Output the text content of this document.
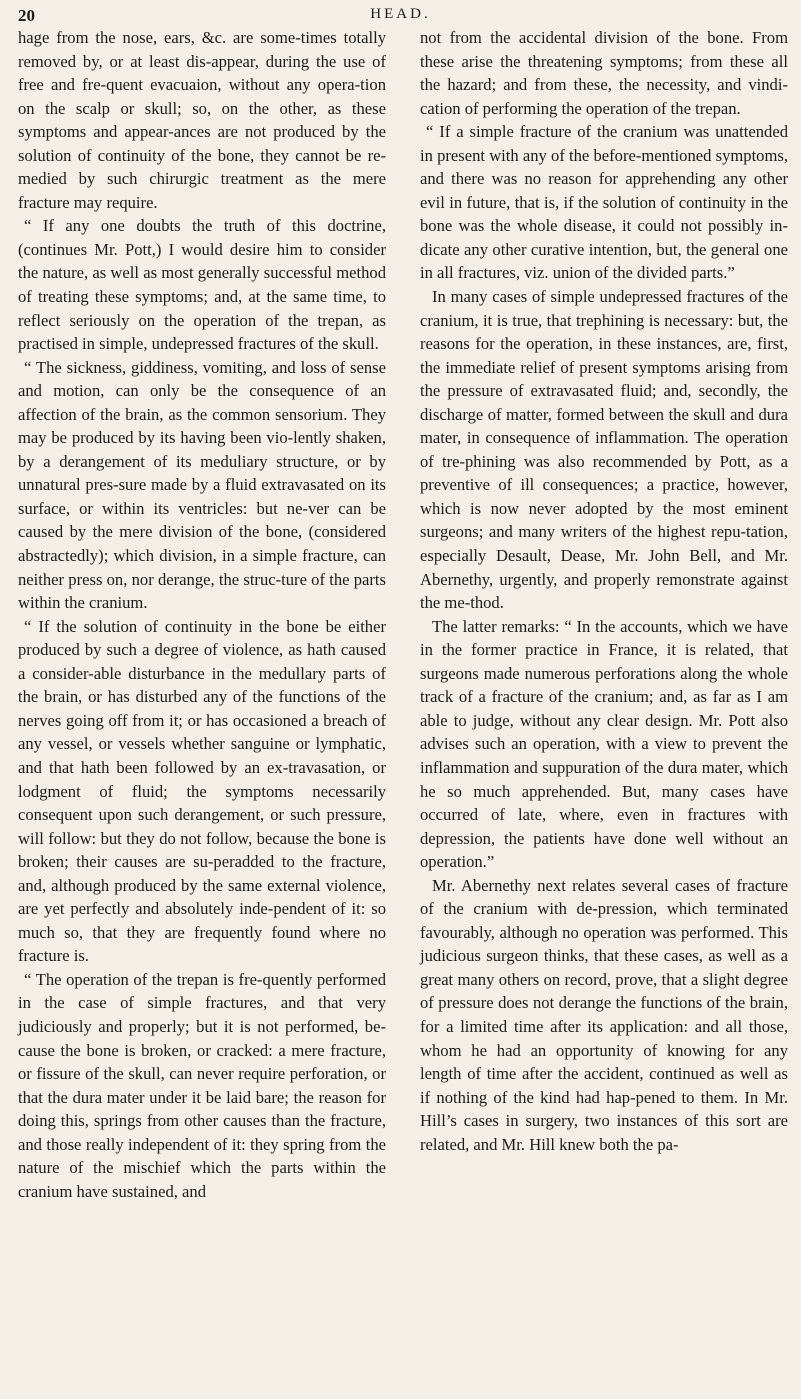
20	HEAD.

hage from the nose, ears, &c. are some-times totally removed by, or at least dis-appear, during the use of free and fre-quent evacuaion, without any opera-tion on the scalp or skull; so, on the other, as these symptoms and appear-ances are not produced by the solution of continuity of the bone, they cannot be re-medied by such chirurgic treatment as the mere fracture may require.

“ If any one doubts the truth of this doctrine, (continues Mr. Pott,) I would desire him to consider the nature, as well as most generally successful method of treating these symptoms; and, at the same time, to reflect seriously on the operation of the trepan, as practised in simple, undepressed fractures of the skull.

“ The sickness, giddiness, vomiting, and loss of sense and motion, can only be the consequence of an affection of the brain, as the common sensorium. They may be produced by its having been vio-lently shaken, by a derangement of its meduliary structure, or by unnatural pres-sure made by a fluid extravasated on its surface, or within its ventricles: but ne-ver can be caused by the mere division of the bone, (considered abstractedly); which division, in a simple fracture, can neither press on, nor derange, the struc-ture of the parts within the cranium.

“ If the solution of continuity in the bone be either produced by such a degree of violence, as hath caused a consider-able disturbance in the medullary parts of the brain, or has disturbed any of the functions of the nerves going off from it; or has occasioned a breach of any vessel, or vessels whether sanguine or lymphatic, and that hath been followed by an ex-travasation, or lodgment of fluid; the symptoms necessarily consequent upon such derangement, or such pressure, will follow: but they do not follow, because the bone is broken; their causes are su-peradded to the fracture, and, although produced by the same external violence, are yet perfectly and absolutely inde-pendent of it: so much so, that they are frequently found where no fracture is.

“ The operation of the trepan is fre-quently performed in the case of simple fractures, and that very judiciously and properly; but it is not performed, be-cause the bone is broken, or cracked: a mere fracture, or fissure of the skull, can never require perforation, or that the dura mater under it be laid bare; the reason for doing this, springs from other causes than the fracture, and those really independent of it: they spring from the nature of the mischief which the parts within the cranium have sustained, and

not from the accidental division of the bone. From these arise the threatening symptoms; from these all the hazard; and from these, the necessity, and vindi-cation of performing the operation of the trepan.

“ If a simple fracture of the cranium was unattended in present with any of the before-mentioned symptoms, and there was no reason for apprehending any other evil in future, that is, if the solution of continuity in the bone was the whole disease, it could not possibly in-dicate any other curative intention, but, the general one in all fractures, viz. union of the divided parts.”

In many cases of simple undepressed fractures of the cranium, it is true, that trephining is necessary: but, the reasons for the operation, in these instances, are, first, the immediate relief of present symptoms arising from the pressure of extravasated fluid; and, secondly, the discharge of matter, formed between the skull and dura mater, in consequence of inflammation. The operation of tre-phining was also recommended by Pott, as a preventive of ill consequences; a practice, however, which is now never adopted by the most eminent surgeons; and many writers of the highest repu-tation, especially Desault, Dease, Mr. John Bell, and Mr. Abernethy, urgently, and properly remonstrate against the me-thod.

The latter remarks: “ In the accounts, which we have in the former practice in France, it is related, that surgeons made numerous perforations along the whole track of a fracture of the cranium; and, as far as I am able to judge, without any clear design. Mr. Pott also advises such an operation, with a view to prevent the inflammation and suppuration of the dura mater, which he so much apprehended. But, many cases have occurred of late, where, even in fractures with depression, the patients have done well without an operation.”

Mr. Abernethy next relates several cases of fracture of the cranium with de-pression, which terminated favourably, although no operation was performed. This judicious surgeon thinks, that these cases, as well as a great many others on record, prove, that a slight degree of pressure does not derange the functions of the brain, for a limited time after its application: and all those, whom he had an opportunity of knowing for any length of time after the accident, continued as well as if nothing of the kind had hap-pened to them. In Mr. Hill’s cases in surgery, two instances of this sort are related, and Mr. Hill knew both the pa-
